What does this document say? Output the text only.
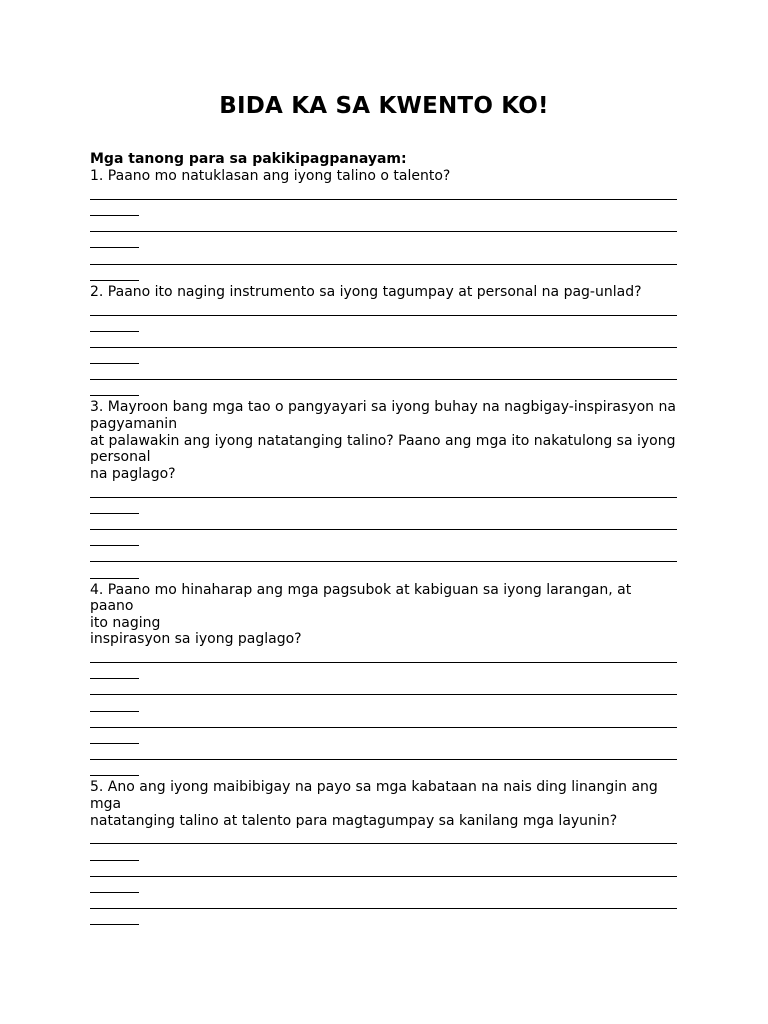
BIDA KA SA KWENTO KO!
Mga tanong para sa pakikipagpanayam:
1. Paano mo natuklasan ang iyong talino o talento?
2. Paano ito naging instrumento sa iyong tagumpay at personal na pag-unlad?
3. Mayroon bang mga tao o pangyayari sa iyong buhay na nagbigay-inspirasyon na
pagyamanin
at palawakin ang iyong natatanging talino? Paano ang mga ito nakatulong sa iyong
personal
na paglago?
4. Paano mo hinaharap ang mga pagsubok at kabiguan sa iyong larangan, at paano
ito naging
inspirasyon sa iyong paglago?
5. Ano ang iyong maibibigay na payo sa mga kabataan na nais ding linangin ang
mga
natatanging talino at talento para magtagumpay sa kanilang mga layunin?
